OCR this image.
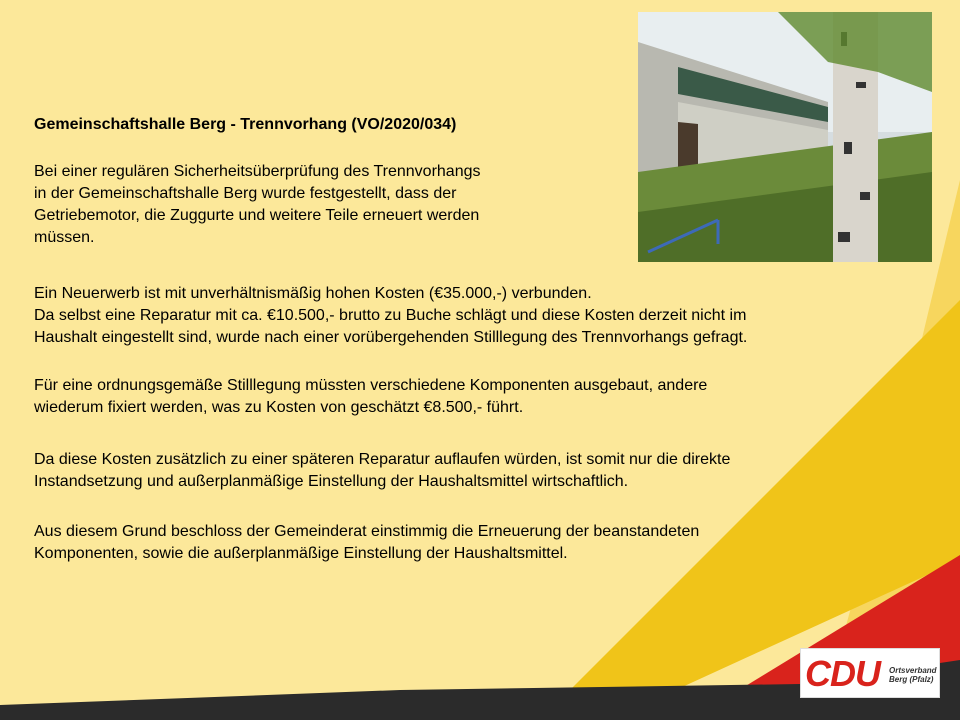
Gemeinschaftshalle Berg - Trennvorhang (VO/2020/034)
Bei einer regulären Sicherheitsüberprüfung des Trennvorhangs
in der Gemeinschaftshalle Berg wurde festgestellt, dass der
Getriebemotor, die Zuggurte und weitere Teile erneuert werden
müssen.
Ein Neuerwerb ist mit unverhältnismäßig hohen Kosten (€35.000,-) verbunden.
Da selbst eine Reparatur mit ca. €10.500,- brutto zu Buche schlägt und diese Kosten derzeit nicht im
Haushalt eingestellt sind, wurde nach einer vorübergehenden Stilllegung des Trennvorhangs gefragt.
Für eine ordnungsgemäße Stilllegung müssten verschiedene Komponenten ausgebaut, andere
wiederum fixiert werden, was zu Kosten von geschätzt €8.500,- führt.
Da diese Kosten zusätzlich zu einer späteren Reparatur auflaufen würden, ist somit nur die direkte
Instandsetzung und außerplanmäßige Einstellung der Haushaltsmittel wirtschaftlich.
Aus diesem Grund beschloss der Gemeinderat einstimmig die Erneuerung der beanstandeten
Komponenten, sowie die außerplanmäßige Einstellung der Haushaltsmittel.
CDU Ortsverband
Berg (Pfalz)
